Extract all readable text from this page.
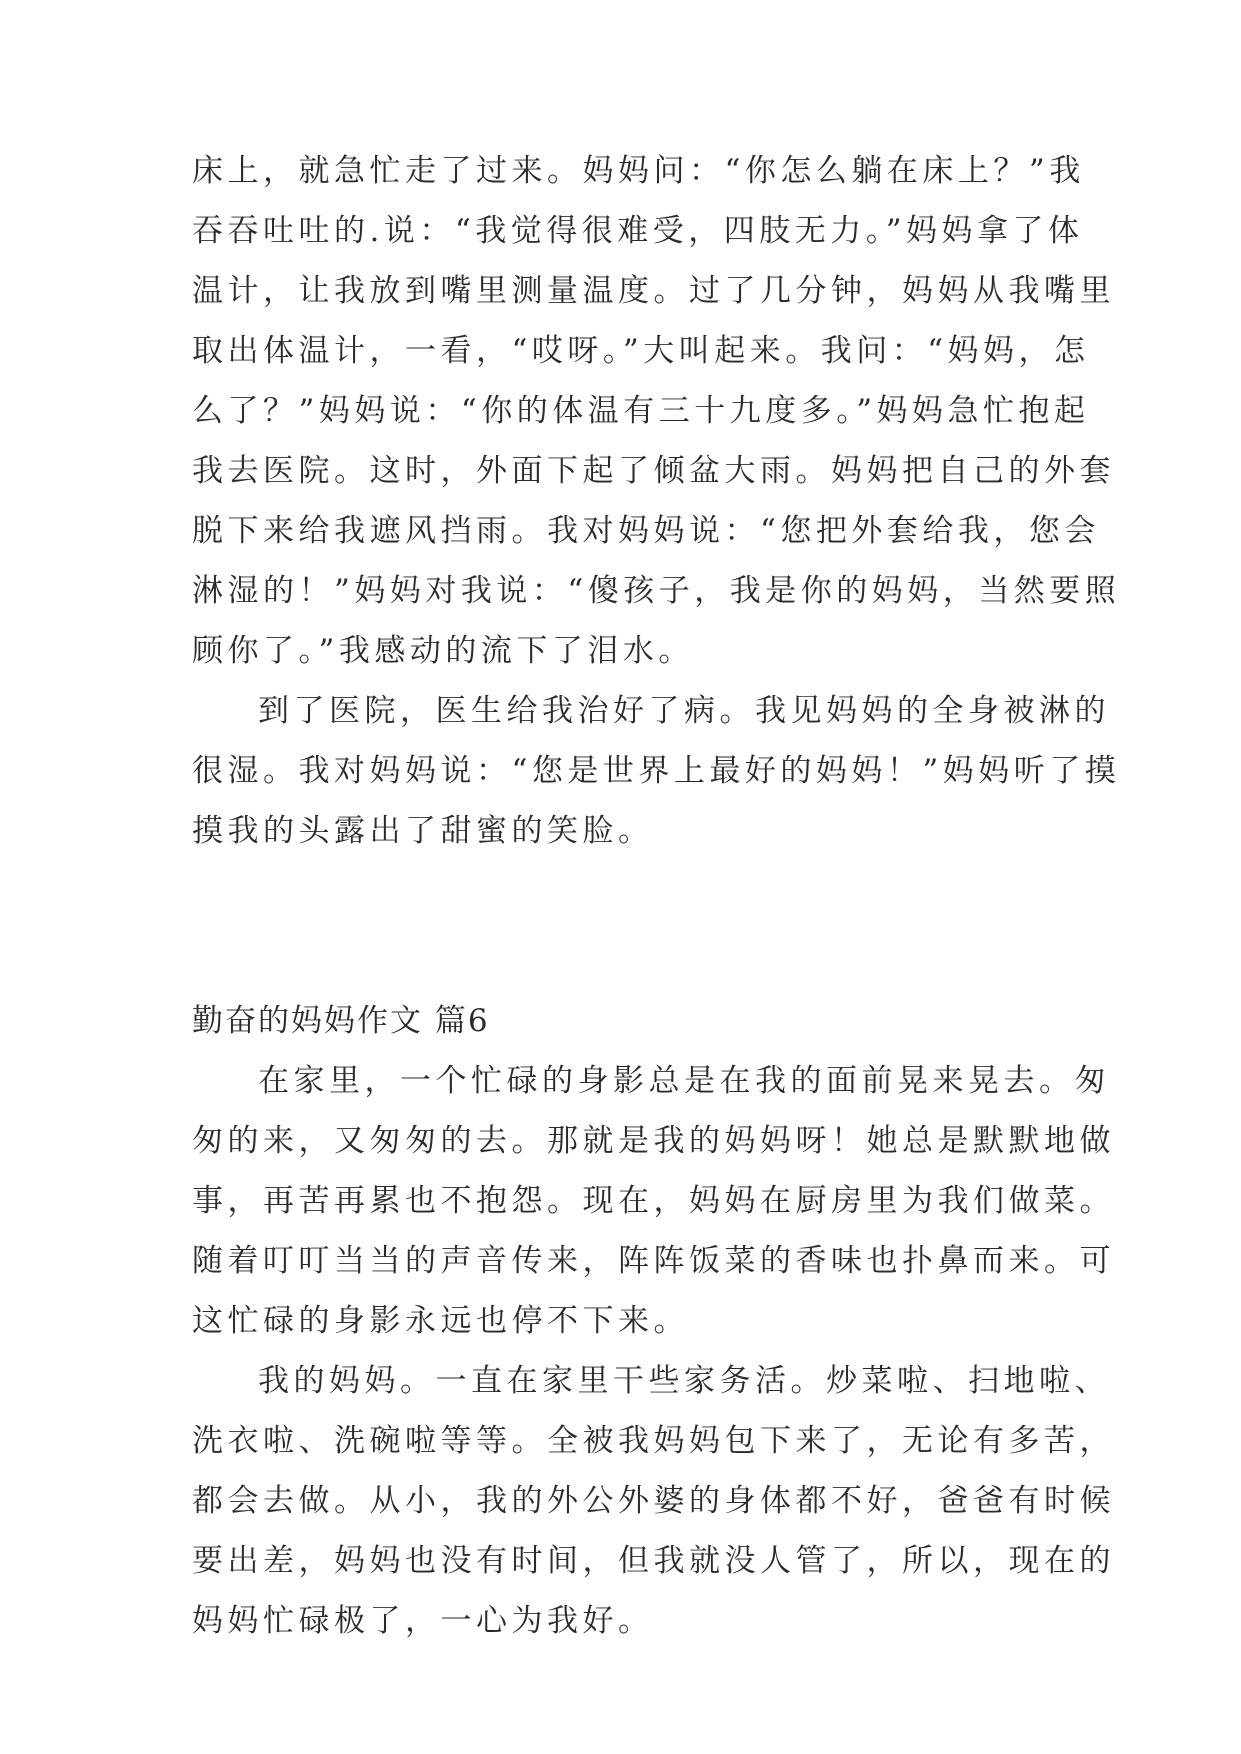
床上，就急忙走了过来。妈妈问：“你怎么躺在床上？”我
吞吞吐吐的.说：“我觉得很难受，四肢无力。”妈妈拿了体
温计，让我放到嘴里测量温度。过了几分钟，妈妈从我嘴里
取出体温计，一看，“哎呀。”大叫起来。我问：“妈妈，怎
么了？”妈妈说：“你的体温有三十九度多。”妈妈急忙抱起
我去医院。这时，外面下起了倾盆大雨。妈妈把自己的外套
脱下来给我遮风挡雨。我对妈妈说：“您把外套给我，您会
淋湿的！”妈妈对我说：“傻孩子，我是你的妈妈，当然要照
顾你了。”我感动的流下了泪水。
到了医院，医生给我治好了病。我见妈妈的全身被淋的
很湿。我对妈妈说：“您是世界上最好的妈妈！”妈妈听了摸
摸我的头露出了甜蜜的笑脸。
勤奋的妈妈作文 篇6
在家里，一个忙碌的身影总是在我的面前晃来晃去。匆
匆的来，又匆匆的去。那就是我的妈妈呀！她总是默默地做
事，再苦再累也不抱怨。现在，妈妈在厨房里为我们做菜。
随着叮叮当当的声音传来，阵阵饭菜的香味也扑鼻而来。可
这忙碌的身影永远也停不下来。
我的妈妈。一直在家里干些家务活。炒菜啦、扫地啦、
洗衣啦、洗碗啦等等。全被我妈妈包下来了，无论有多苦，
都会去做。从小，我的外公外婆的身体都不好，爸爸有时候
要出差，妈妈也没有时间，但我就没人管了，所以，现在的
妈妈忙碌极了，一心为我好。
